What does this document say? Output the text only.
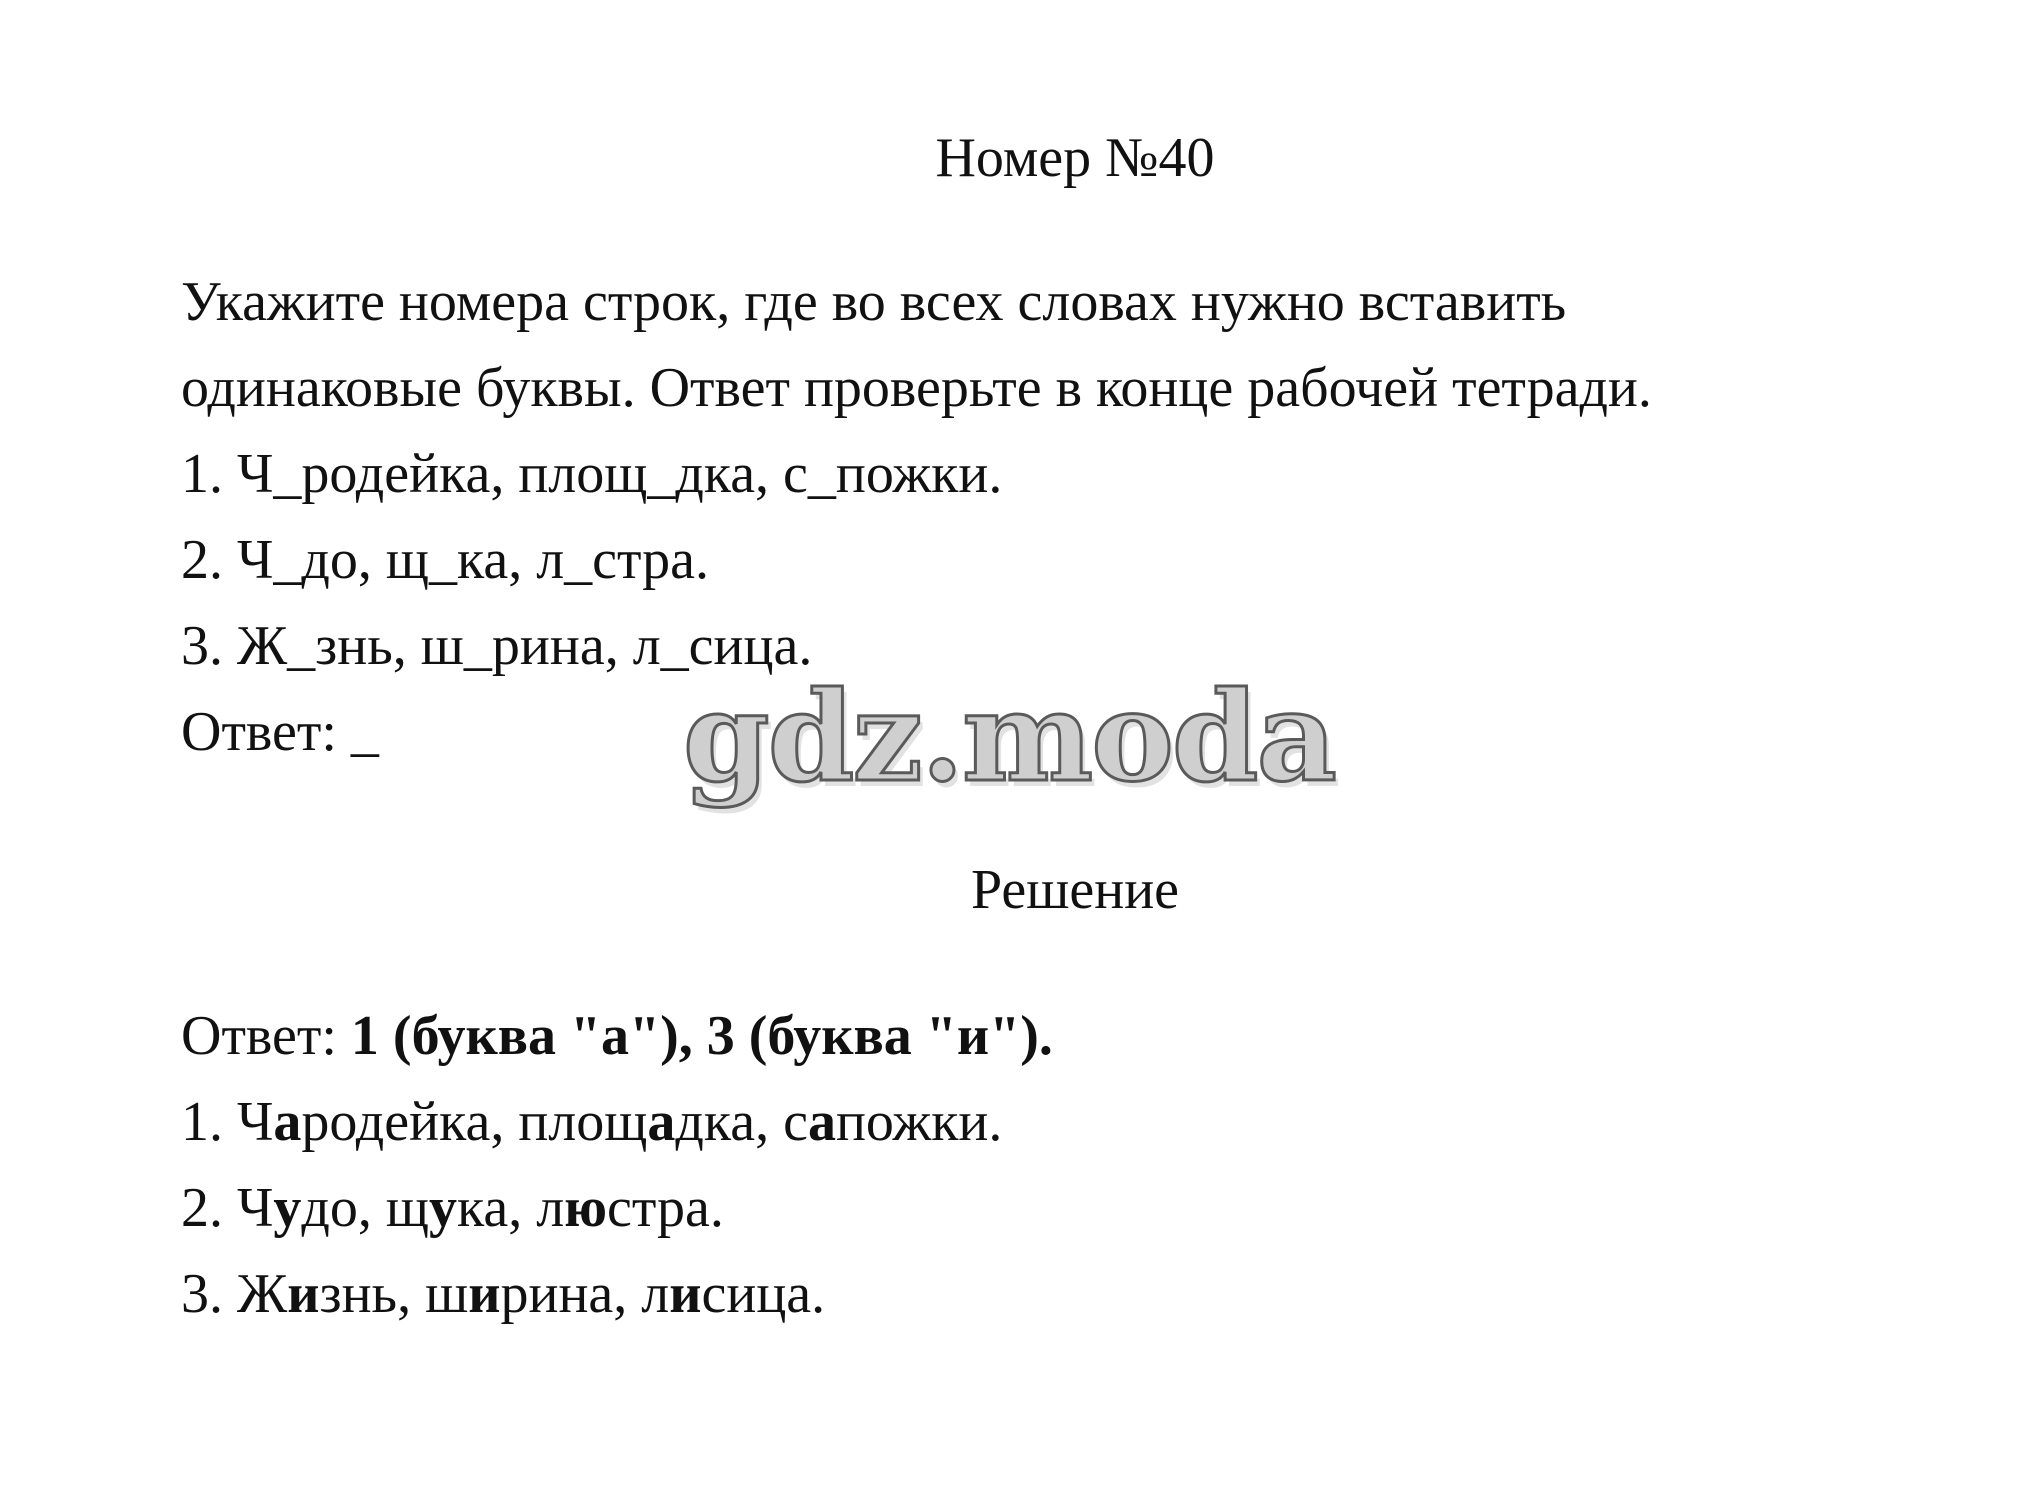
Номер №40
Укажите номера строк, где во всех словах нужно вставить
одинаковые буквы. Ответ проверьте в конце рабочей тетради.
1. Ч_родейка, площ_дка, с_пожки.
2. Ч_до, щ_ка, л_стра.
3. Ж_знь, ш_рина, л_сица.
Ответ: _ gdz.moda
Решение
Ответ: 1 (буква "а"), 3 (буква "и").
1. Чародейка, площадка, сапожки.
2. Чудо, щука, люстра.
3. Жизнь, ширина, лисица.
